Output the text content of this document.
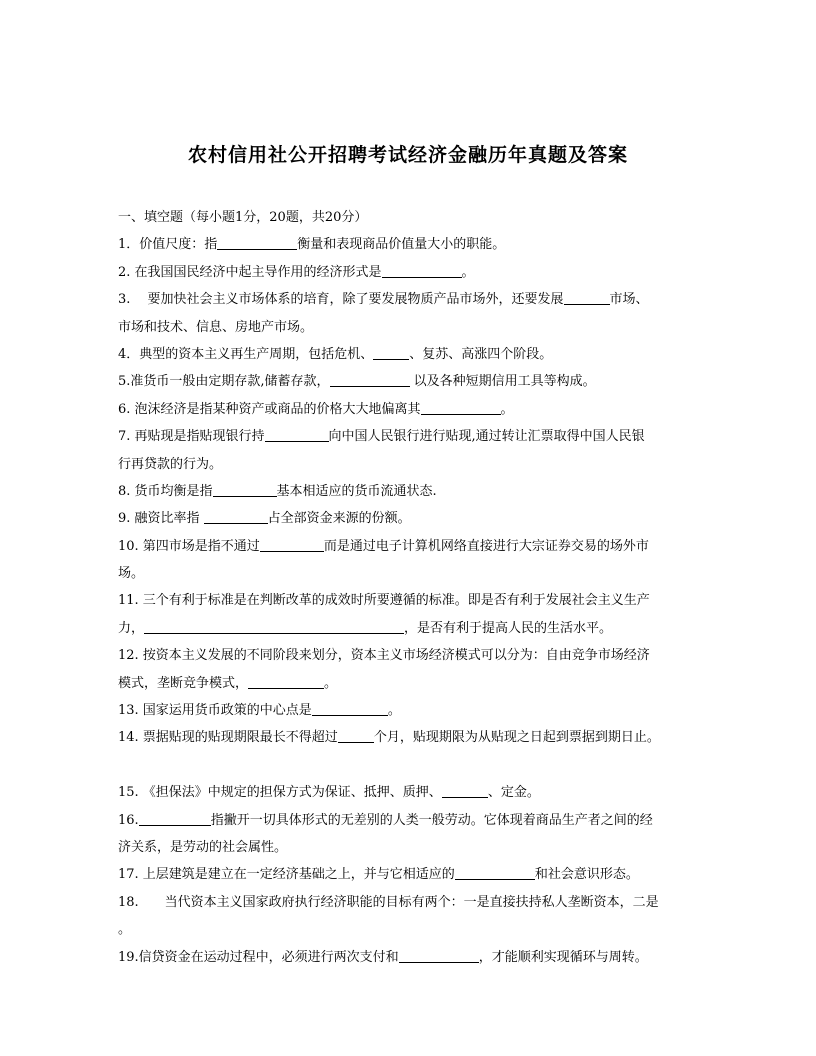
农村信用社公开招聘考试经济金融历年真题及答案
一、填空题（每小题1分，20题，共20分）
1．价值尺度：指	衡量和表现商品价值量大小的职能。
2. 在我国国民经济中起主导作用的经济形式是	。
3.　 要加快社会主义市场体系的培育，除了要发展物质产品市场外，还要发展	市场、
市场和技术、信息、房地产市场。
4．典型的资本主义再生产周期，包括危机、	、复苏、高涨四个阶段。
5.准货币一般由定期存款,储蓄存款，	以及各种短期信用工具等构成。
6. 泡沫经济是指某种资产或商品的价格大大地偏离其	。
7. 再贴现是指贴现银行持	向中国人民银行进行贴现,通过转让汇票取得中国人民银
行再贷款的行为。
8. 货币均衡是指	基本相适应的货币流通状态.
9. 融资比率指	占全部资金来源的份额。
10. 第四市场是指不通过	而是通过电子计算机网络直接进行大宗证券交易的场外市
场。
11. 三个有利于标准是在判断改革的成效时所要遵循的标准。即是否有利于发展社会主义生产
力，	，是否有利于提高人民的生活水平。
12. 按资本主义发展的不同阶段来划分，资本主义市场经济模式可以分为：自由竞争市场经济
模式，垄断竞争模式，	。
13. 国家运用货币政策的中心点是	。
14. 票据贴现的贴现期限最长不得超过	个月，贴现期限为从贴现之日起到票据到期日止。
15. 《担保法》中规定的担保方式为保证、抵押、质押、	、定金。
16.	指撇开一切具体形式的无差别的人类一般劳动。它体现着商品生产者之间的经
济关系，是劳动的社会属性。
17. 上层建筑是建立在一定经济基础之上，并与它相适应的	和社会意识形态。
18.　　当代资本主义国家政府执行经济职能的目标有两个：一是直接扶持私人垄断资本，二是
。
19.信贷资金在运动过程中，必须进行两次支付和	，才能顺利实现循环与周转。
